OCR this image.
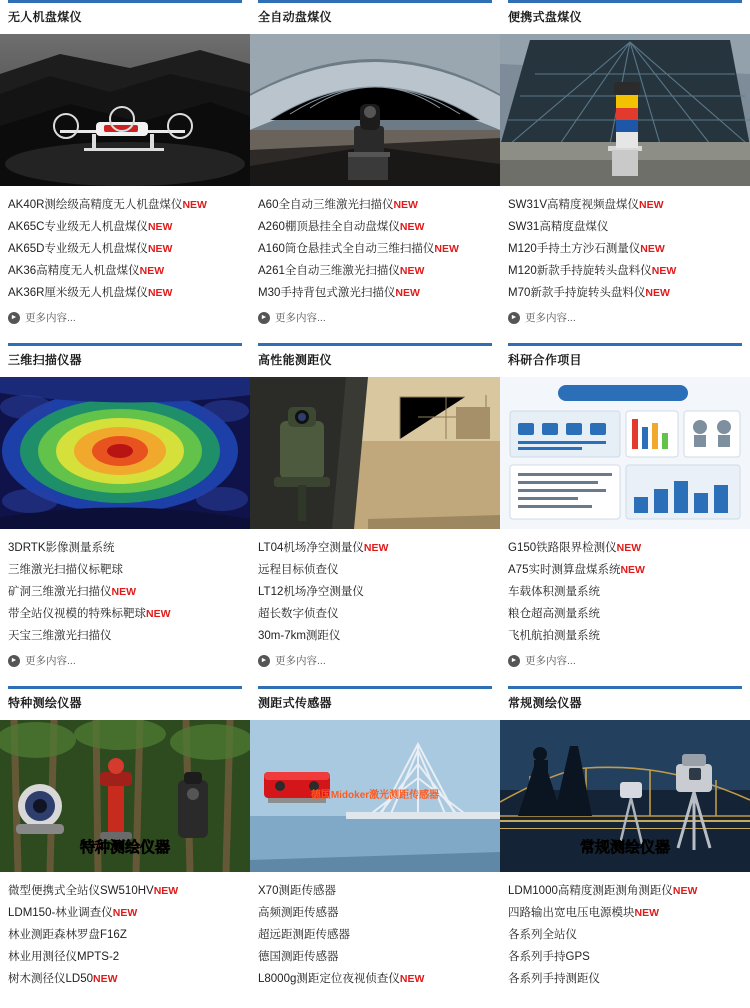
无人机盘煤仪
AK40R测绘级高精度无人机盘煤仪NEW
AK65C专业级无人机盘煤仪NEW
AK65D专业级无人机盘煤仪NEW
AK36高精度无人机盘煤仪NEW
AK36R厘米级无人机盘煤仪NEW
► 更多内容...
全自动盘煤仪
A60全自动三维激光扫描仪NEW
A260棚顶悬挂全自动盘煤仪NEW
A160筒仓悬挂式全自动三维扫描仪NEW
A261全自动三维激光扫描仪NEW
M30手持背包式激光扫描仪NEW
► 更多内容...
便携式盘煤仪
SW31V高精度视频盘煤仪NEW
SW31高精度盘煤仪
M120手持土方沙石测量仪NEW
M120新款手持旋转头盘料仪NEW
M70新款手持旋转头盘料仪NEW
► 更多内容...
三维扫描仪器
3DRTK影像测量系统
三维激光扫描仪标靶球
矿洞三维激光扫描仪NEW
带全站仪视模的特殊标靶球NEW
天宝三维激光扫描仪
► 更多内容...
高性能测距仪
LT04机场净空测量仪NEW
远程目标侦查仪
LT12机场净空测量仪
超长数字侦查仪
30m-7km测距仪
► 更多内容...
科研合作项目
G150铁路限界检测仪NEW
A75实时测算盘煤系统NEW
车载体积测量系统
粮仓超高测量系统
飞机航拍测量系统
► 更多内容...
特种测绘仪器
特种测绘仪器
微型便携式全站仪SW510HVNEW
LDM150-林业调查仪NEW
林业测距森林罗盘F16Z
林业用测径仪MPTS-2
树木测径仪LD50NEW
测距式传感器
德国Midoker激光测距传感器
X70测距传感器
高频测距传感器
超远距测距传感器
德国测距传感器
L8000g测距定位夜视侦查仪NEW
常规测绘仪器
常规测绘仪器
LDM1000高精度测距测角测距仪NEW
四路输出宽电压电源模块NEW
各系列全站仪
各系列手持GPS
各系列手持测距仪
